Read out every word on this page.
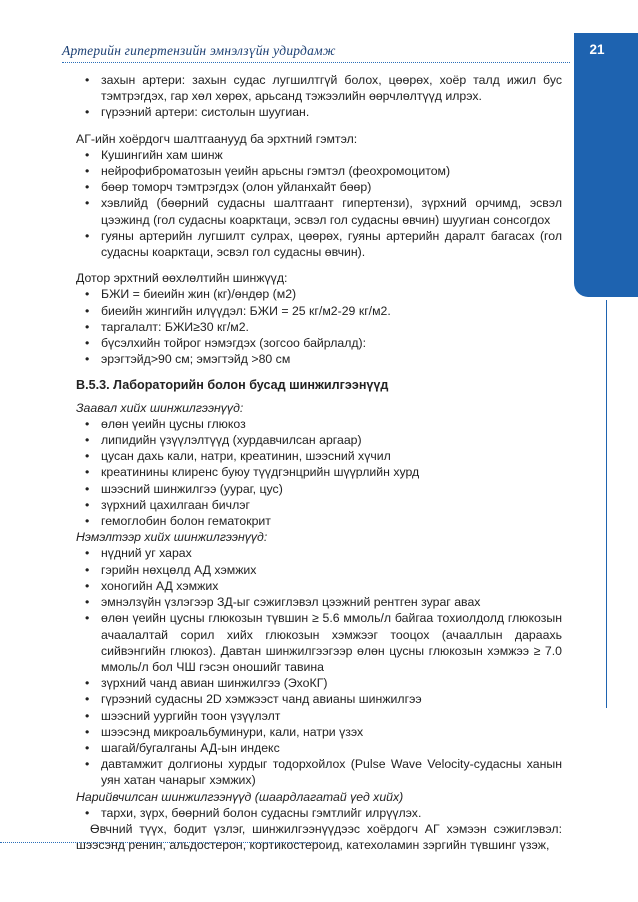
Артерийн гипертензийн эмнэлзүйн удирдамж	21
• захын артери: захын судас лугшилтгүй болох, цөөрөх, хоёр талд ижил бус тэмтрэгдэх, гар хөл хөрөх, арьсанд тэжээлийн өөрчлөлтүүд илрэх.
• гүрээний артери: систолын шуугиан.

АГ-ийн хоёрдогч шалтгаанууд ба эрхтний гэмтэл:

• Кушингийн хам шинж
• нейрофиброматозын үеийн арьсны гэмтэл (феохромоцитом)
• бөөр томорч тэмтрэгдэх (олон уйланхайт бөөр)
• хэвлийд (бөөрний судасны шалтгаант гипертензи), зүрхний орчимд, эсвэл цээжинд (гол судасны коарктаци, эсвэл гол судасны өвчин) шуугиан сонсогдох
• гуяны артерийн лугшилт сулрах, цөөрөх, гуяны артерийн даралт багасах (гол судасны коарктаци, эсвэл гол судасны өвчин).

Дотор эрхтний өөхлөлтийн шинжүүд:

• БЖИ = биеийн жин (кг)/өндөр (м2)
• биеийн жингийн илүүдэл: БЖИ = 25 кг/м2-29 кг/м2.
• таргалалт: БЖИ≥30 кг/м2.
• бүсэлхийн тойрог нэмэгдэх (зогсоо байрлалд):
• эрэгтэйд>90 см; эмэгтэйд >80 см

В.5.3. Лабораторийн болон бусад шинжилгээнүүд

Заавал хийх шинжилгээнүүд:

• өлөн үеийн цусны глюкоз
• липидийн үзүүлэлтүүд (хурдавчилсан аргаар)
• цусан дахь кали, натри, креатинин, шээсний хүчил
• креатинины клиренс буюу түүдгэнцрийн шүүрлийн хурд
• шээсний шинжилгээ (уураг, цус)
• зүрхний цахилгаан бичлэг
• гемоглобин болон гематокрит

Нэмэлтээр хийх шинжилгээнүүд:

• нүдний уг харах
• гэрийн нөхцөлд АД хэмжих
• хоногийн АД хэмжих
• эмнэлзүйн үзлэгээр ЗД-ыг сэжиглэвэл цээжний рентген зураг авах
• өлөн үеийн цусны глюкозын түвшин ≥ 5.6 ммоль/л байгаа тохиолдолд глюкозын ачаалалтай сорил хийх глюкозын хэмжээг тооцох (ачааллын дараахь сийвэнгийн глюкоз). Давтан шинжилгээгээр өлөн цусны глюкозын хэмжээ ≥ 7.0 ммоль/л бол ЧШ гэсэн оношийг тавина
• зүрхний чанд авиан шинжилгээ (ЭхоКГ)
• гүрээний судасны 2D хэмжээст чанд авианы шинжилгээ
• шээсний уургийн тоон үзүүлэлт
• шээсэнд микроальбуминури, кали, натри үзэх
• шагай/бугалганы АД-ын индекс
• давтамжит долгионы хурдыг тодорхойлох (Pulse Wave Velocity-судасны ханын уян хатан чанарыг хэмжих)

Нарийвчилсан шинжилгээнүүд (шаардлагатай үед хийх)

• тархи, зүрх, бөөрний болон судасны гэмтлийг илрүүлэх.

Өвчний түүх, бодит үзлэг, шинжилгээнүүдээс хоёрдогч АГ хэмээн сэжиглэвэл: шээсэнд ренин, альдостерон, кортикостероид, катехоламин зэргийн түвшинг үзэж,
